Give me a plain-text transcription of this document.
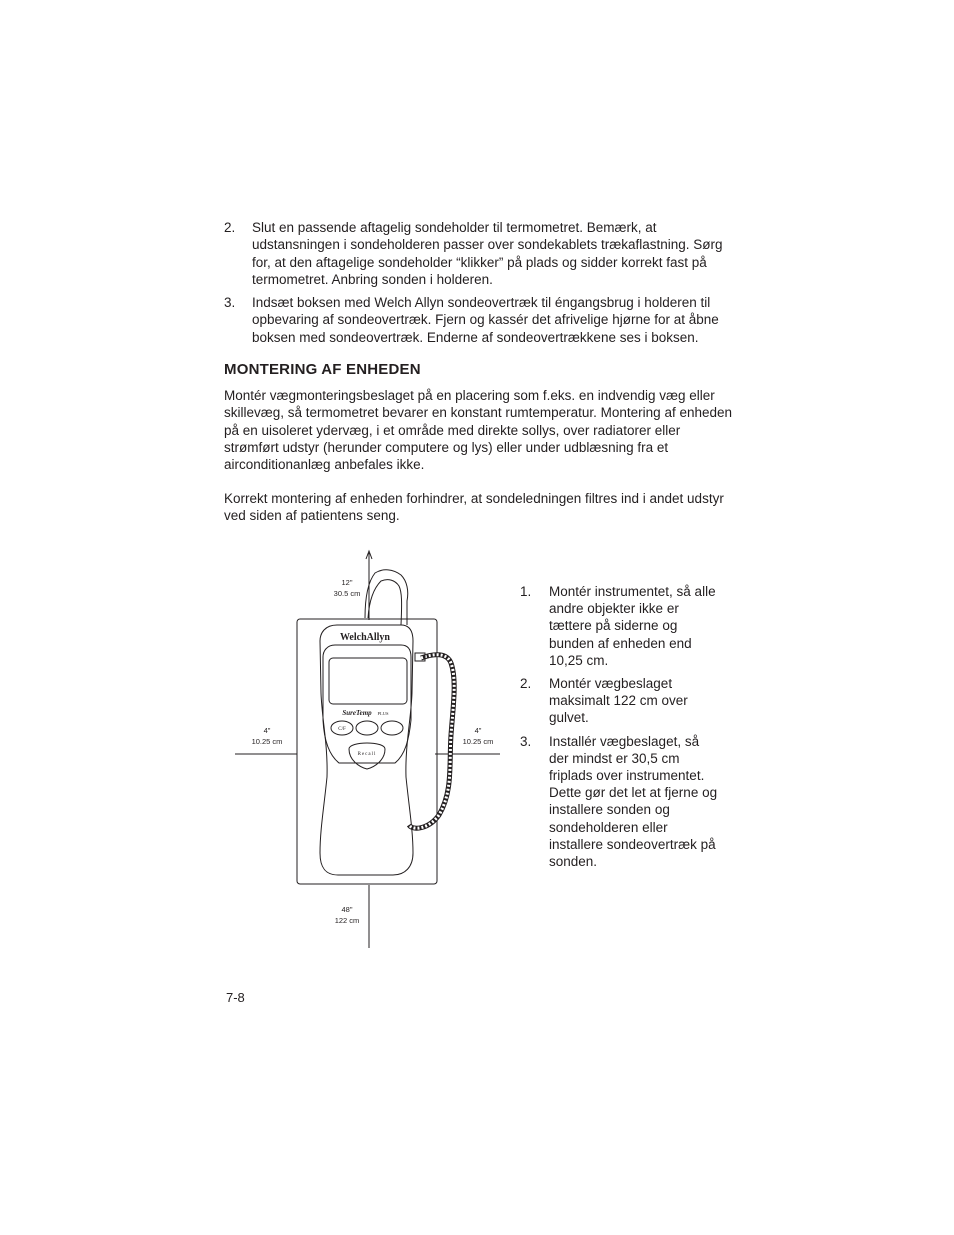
2. Slut en passende aftagelig sondeholder til termometret. Bemærk, at udstansningen i sondeholderen passer over sondekablets trækaflastning. Sørg for, at den aftagelige sondeholder “klikker” på plads og sidder korrekt fast på termometret. Anbring sonden i holderen.
3. Indsæt boksen med Welch Allyn sondeovertræk til éngangsbrug i holderen til opbevaring af sondeovertræk. Fjern og kassér det afrivelige hjørne for at åbne boksen med sondeovertræk. Enderne af sondeovertrækkene ses i boksen.
MONTERING AF ENHEDEN

Montér vægmonteringsbeslaget på en placering som f.eks. en indvendig væg eller skillevæg, så termometret bevarer en konstant rumtemperatur. Montering af enheden på en uisoleret ydervæg, i et område med direkte sollys, over radiatorer eller strømført udstyr (herunder computere og lys) eller under udblæsning fra et airconditionanlæg anbefales ikke.

Korrekt montering af enheden forhindrer, at sondeledningen filtres ind i andet udstyr ved siden af patientens seng.

12"
30.5 cm
4"
10.25 cm
4"
10.25 cm
48"
122 cm
WelchAllyn
SureTemp PLUS
C/F
Recall
1. Montér instrumentet, så alle andre objekter ikke er tættere på siderne og bunden af enheden end 10,25 cm.
2. Montér vægbeslaget maksimalt 122 cm over gulvet.
3. Installér vægbeslaget, så der mindst er 30,5 cm friplads over instrumentet. Dette gør det let at fjerne og installere sonden og sondeholderen eller installere sondeovertræk på sonden.
7-8
